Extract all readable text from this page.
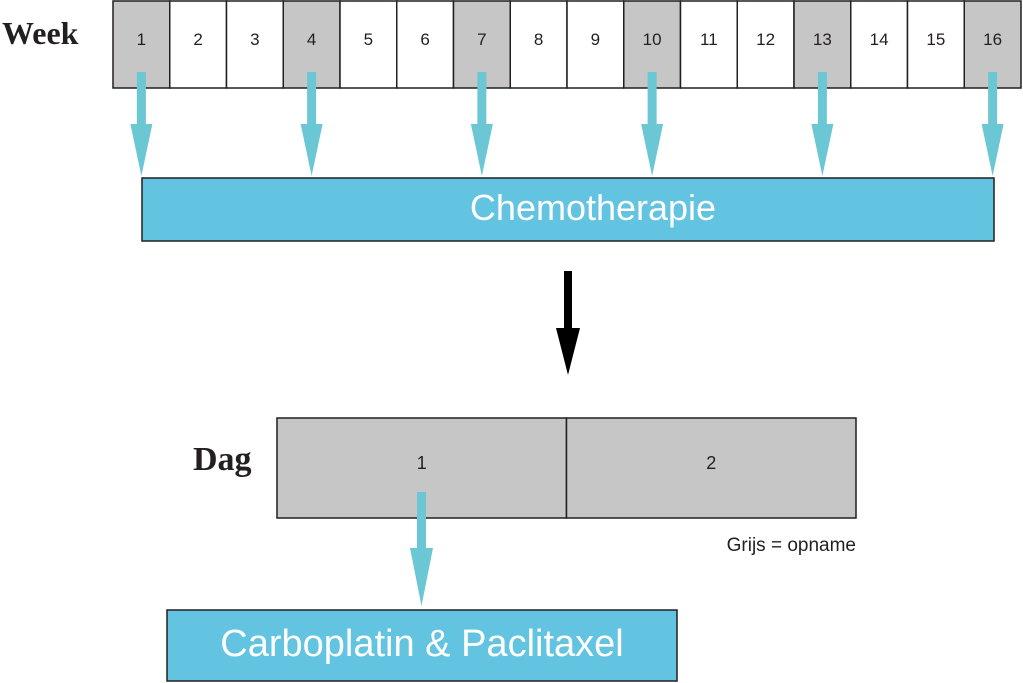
Week	1	2	3	4	5	6	7	8	9	10 11 12 13 14 15 16
Chemotherapie
Dag	1	2
Grijs = opname
Carboplatin & Paclitaxel
